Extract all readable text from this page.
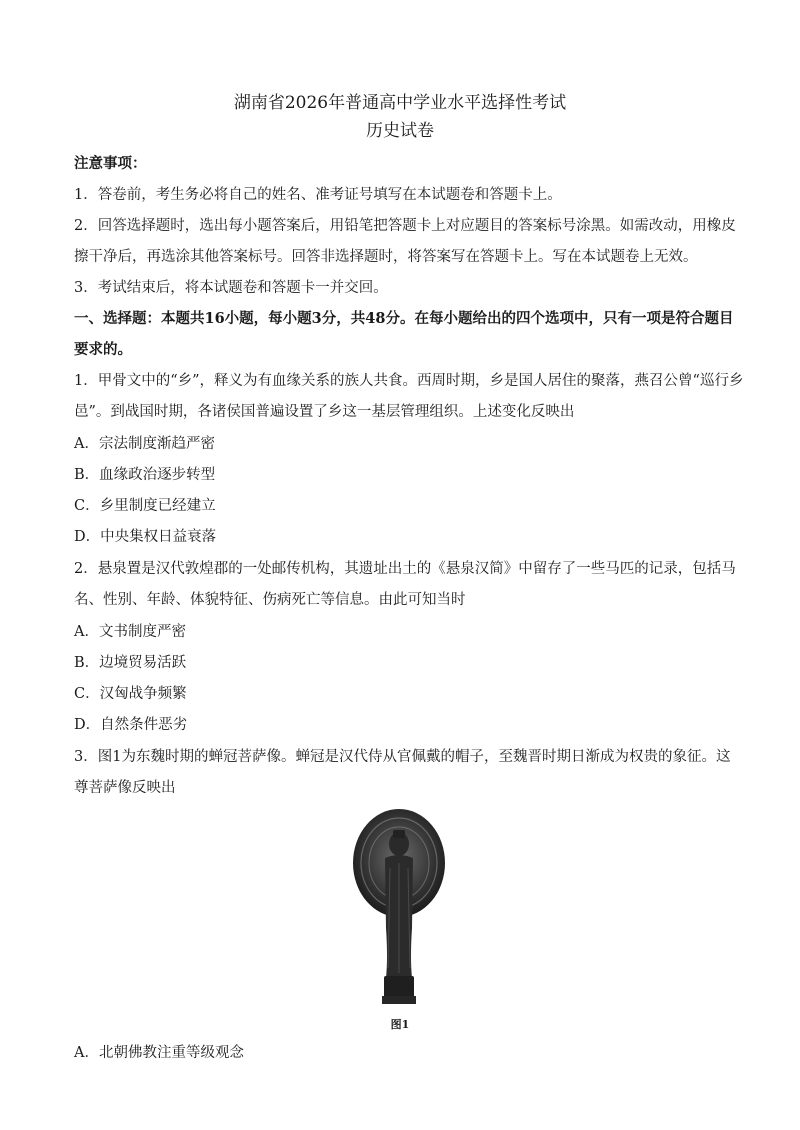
湖南省2026年普通高中学业水平选择性考试
历史试卷
注意事项：
1．答卷前，考生务必将自己的姓名、准考证号填写在本试题卷和答题卡上。
2．回答选择题时，选出每小题答案后，用铅笔把答题卡上对应题目的答案标号涂黑。如需改动，用橡皮
擦干净后，再选涂其他答案标号。回答非选择题时，将答案写在答题卡上。写在本试题卷上无效。
3．考试结束后，将本试题卷和答题卡一并交回。
一、选择题：本题共16小题，每小题3分，共48分。在每小题给出的四个选项中，只有一项是符合题目
要求的。
1．甲骨文中的“乡”，释义为有血缘关系的族人共食。西周时期，乡是国人居住的聚落，燕召公曾“巡行乡
邑”。到战国时期，各诸侯国普遍设置了乡这一基层管理组织。上述变化反映出
A．宗法制度渐趋严密
B．血缘政治逐步转型
C．乡里制度已经建立
D．中央集权日益衰落
2．悬泉置是汉代敦煌郡的一处邮传机构，其遗址出土的《悬泉汉简》中留存了一些马匹的记录，包括马
名、性别、年龄、体貌特征、伤病死亡等信息。由此可知当时
A．文书制度严密
B．边境贸易活跃
C．汉匈战争频繁
D．自然条件恶劣
3．图1为东魏时期的蝉冠菩萨像。蝉冠是汉代侍从官佩戴的帽子，至魏晋时期日渐成为权贵的象征。这
尊菩萨像反映出
图1
A．北朝佛教注重等级观念
